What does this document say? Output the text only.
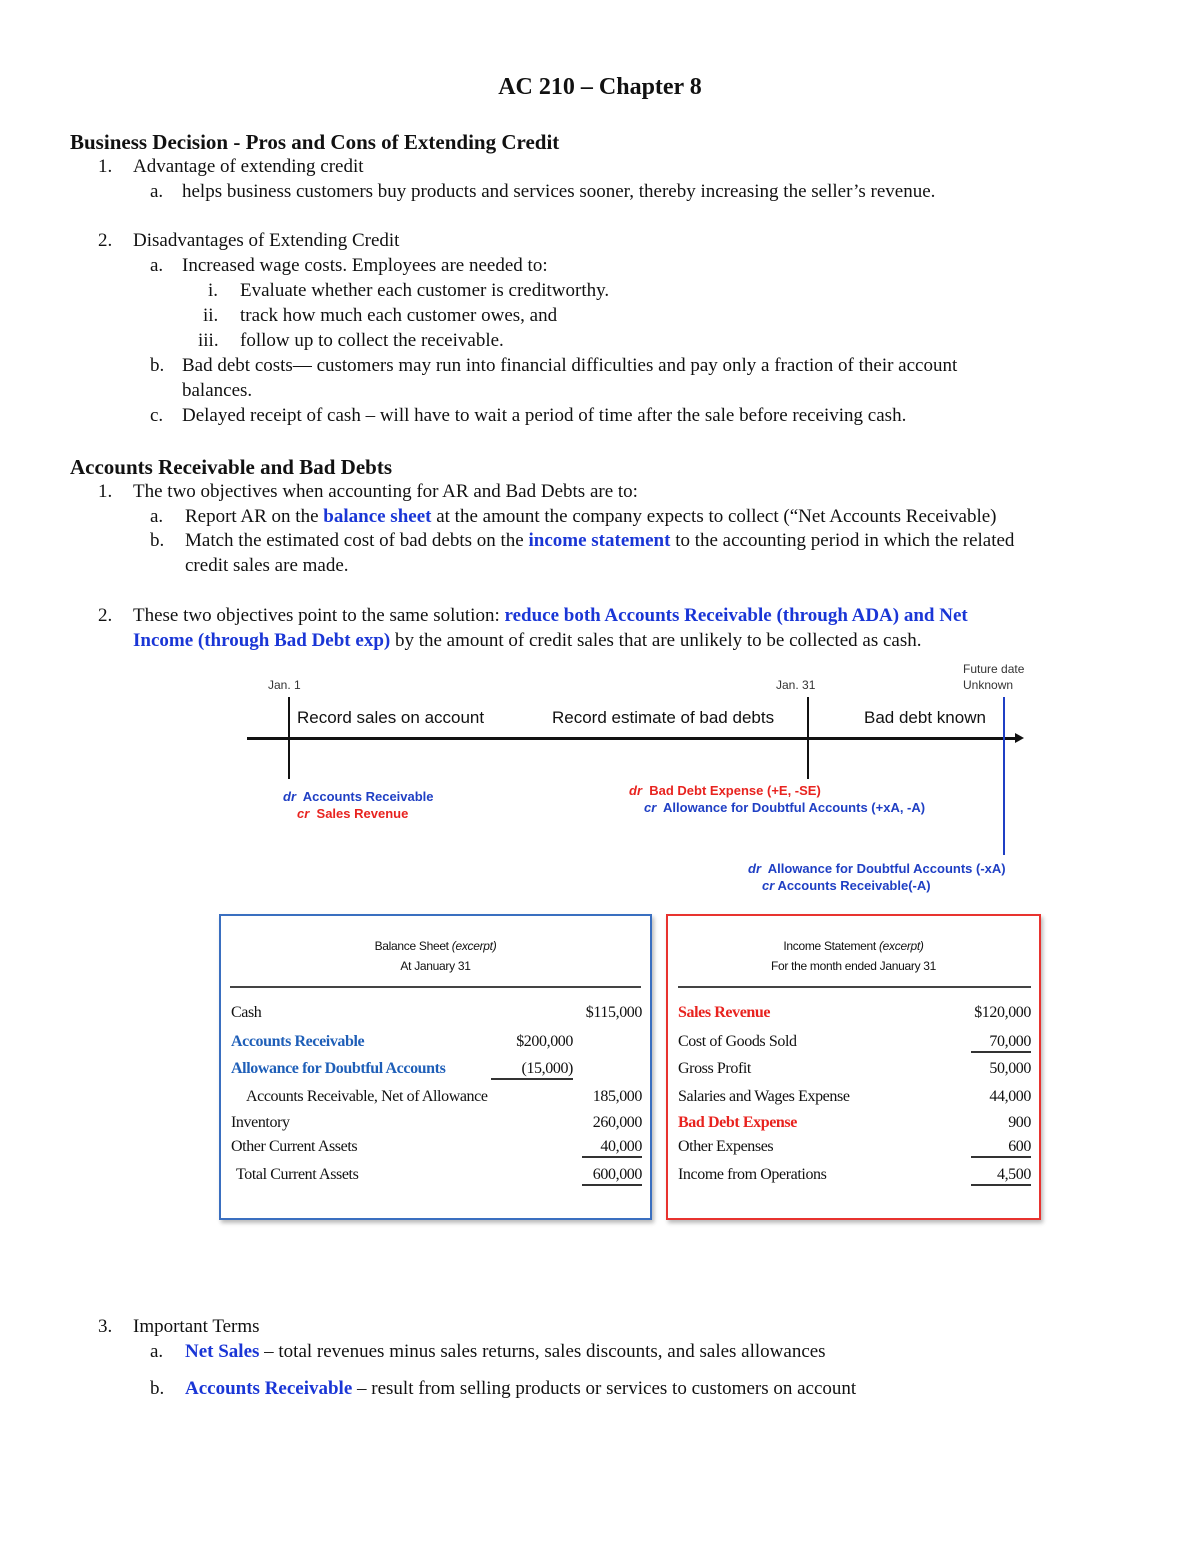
AC 210 – Chapter 8
Business Decision - Pros and Cons of Extending Credit
1. Advantage of extending credit
a. helps business customers buy products and services sooner, thereby increasing the seller’s revenue.
2. Disadvantages of Extending Credit
a. Increased wage costs. Employees are needed to:
i. Evaluate whether each customer is creditworthy.
ii. track how much each customer owes, and
iii. follow up to collect the receivable.
b. Bad debt costs— customers may run into financial difficulties and pay only a fraction of their account
balances.
c. Delayed receipt of cash – will have to wait a period of time after the sale before receiving cash.
Accounts Receivable and Bad Debts
1. The two objectives when accounting for AR and Bad Debts are to:
a. Report AR on the balance sheet at the amount the company expects to collect (“Net Accounts Receivable)
b. Match the estimated cost of bad debts on the income statement to the accounting period in which the related
credit sales are made.
2. These two objectives point to the same solution: reduce both Accounts Receivable (through ADA) and Net
Income (through Bad Debt exp) by the amount of credit sales that are unlikely to be collected as cash.
Jan. 1	Jan. 31
Future date
Unknown
Record sales on account	Record estimate of bad debts	Bad debt known
dr Accounts Receivable
cr Sales Revenue
dr Bad Debt Expense (+E, -SE)
cr Allowance for Doubtful Accounts (+xA, -A)
dr Allowance for Doubtful Accounts (-xA)
cr Accounts Receivable(-A)
Balance Sheet (excerpt)
At January 31
Cash	$115,000
Accounts Receivable	$200,000
Allowance for Doubtful Accounts	(15,000)
Accounts Receivable, Net of Allowance	185,000
Inventory	260,000
Other Current Assets	40,000
Total Current Assets	600,000
Income Statement (excerpt)
For the month ended January 31
Sales Revenue	$120,000
Cost of Goods Sold	70,000
Gross Profit	50,000
Salaries and Wages Expense	44,000
Bad Debt Expense	900
Other Expenses	600
Income from Operations	4,500
3. Important Terms
a. Net Sales – total revenues minus sales returns, sales discounts, and sales allowances
b. Accounts Receivable – result from selling products or services to customers on account
